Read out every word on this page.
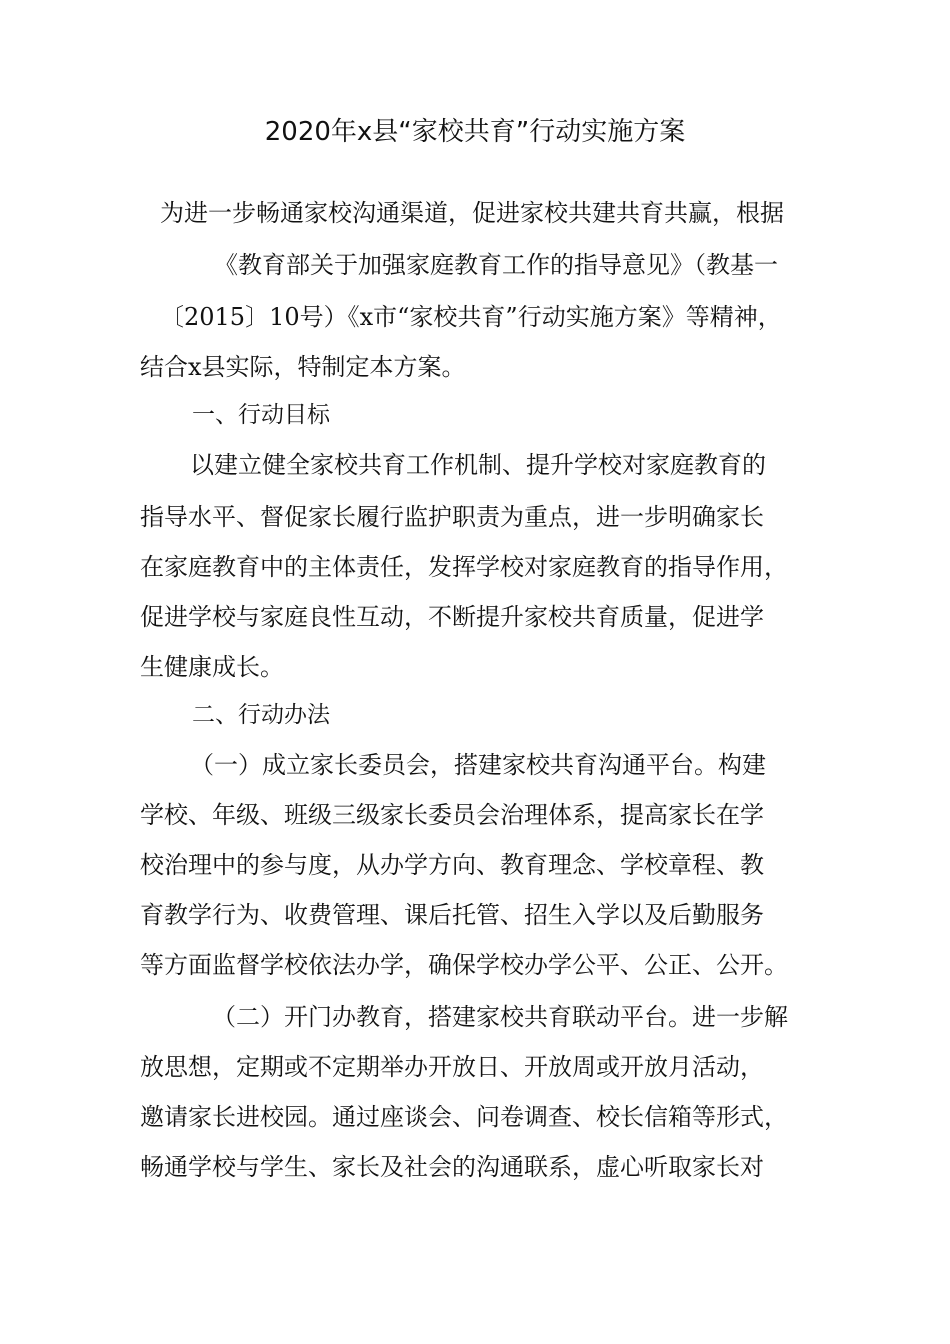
2020年x县“家校共育”行动实施方案
为进一步畅通家校沟通渠道，促进家校共建共育共赢，根据
《教育部关于加强家庭教育工作的指导意见》（教基一
〔2015〕10号）《x市“家校共育”行动实施方案》等精神，
结合x县实际，特制定本方案。
一、行动目标
以建立健全家校共育工作机制、提升学校对家庭教育的
指导水平、督促家长履行监护职责为重点，进一步明确家长
在家庭教育中的主体责任，发挥学校对家庭教育的指导作用，
促进学校与家庭良性互动，不断提升家校共育质量，促进学
生健康成长。
二、行动办法
（一）成立家长委员会，搭建家校共育沟通平台。构建
学校、年级、班级三级家长委员会治理体系，提高家长在学
校治理中的参与度，从办学方向、教育理念、学校章程、教
育教学行为、收费管理、课后托管、招生入学以及后勤服务
等方面监督学校依法办学，确保学校办学公平、公正、公开。
（二）开门办教育，搭建家校共育联动平台。进一步解
放思想，定期或不定期举办开放日、开放周或开放月活动，
邀请家长进校园。通过座谈会、问卷调查、校长信箱等形式，
畅通学校与学生、家长及社会的沟通联系，虚心听取家长对
